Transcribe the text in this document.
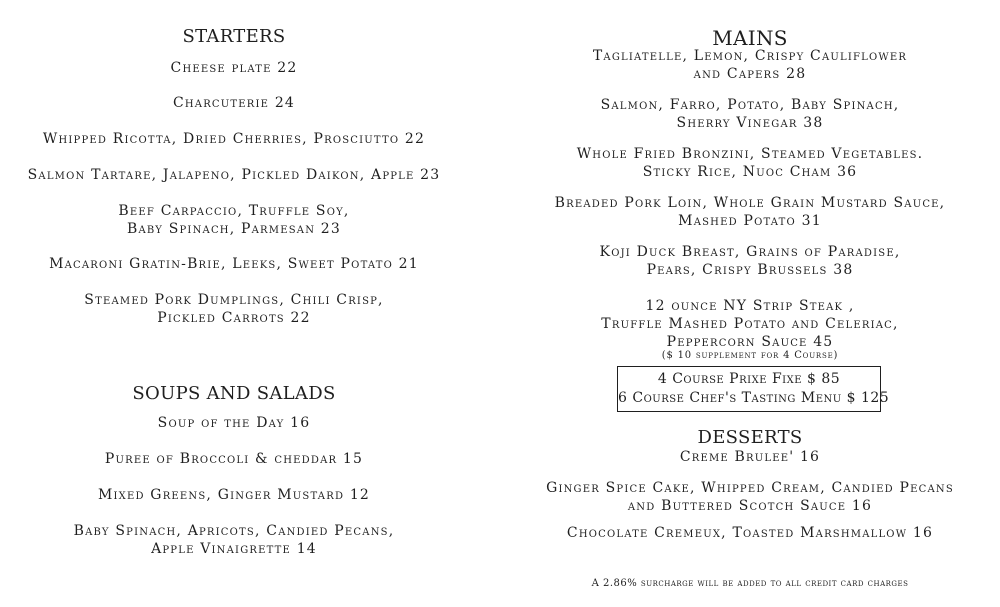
STARTERS
Cheese plate 22
Charcuterie 24
Whipped Ricotta, Dried Cherries, Prosciutto 22
Salmon Tartare, Jalapeno, Pickled Daikon, Apple 23
Beef Carpaccio, Truffle Soy,
Baby Spinach, Parmesan 23
Macaroni Gratin-Brie, Leeks, Sweet Potato 21
Steamed Pork Dumplings, Chili Crisp,
Pickled Carrots 22
SOUPS AND SALADS
Soup of the Day 16
Puree of Broccoli & cheddar 15
Mixed Greens, Ginger Mustard 12
Baby Spinach, Apricots, Candied Pecans,
Apple Vinaigrette 14
MAINS
Tagliatelle, Lemon, Crispy Cauliflower
and Capers 28
Salmon, Farro, Potato, Baby Spinach,
Sherry Vinegar 38
Whole Fried Bronzini, Steamed Vegetables.
Sticky Rice, Nuoc Cham 36
Breaded Pork Loin, Whole Grain Mustard Sauce,
Mashed Potato 31
Koji Duck Breast, Grains of Paradise,
Pears, Crispy Brussels 38
12 ounce NY Strip Steak ,
Truffle Mashed Potato and Celeriac,
Peppercorn Sauce 45
($ 10 supplement for 4 Course)
4 Course Prixe Fixe $ 85
6 Course Chef's Tasting Menu $ 125
DESSERTS
Creme Brulee' 16
Ginger Spice Cake, Whipped Cream, Candied Pecans
and Buttered Scotch Sauce 16
Chocolate Cremeux, Toasted Marshmallow 16
A 2.86% surcharge will be added to all credit card charges
